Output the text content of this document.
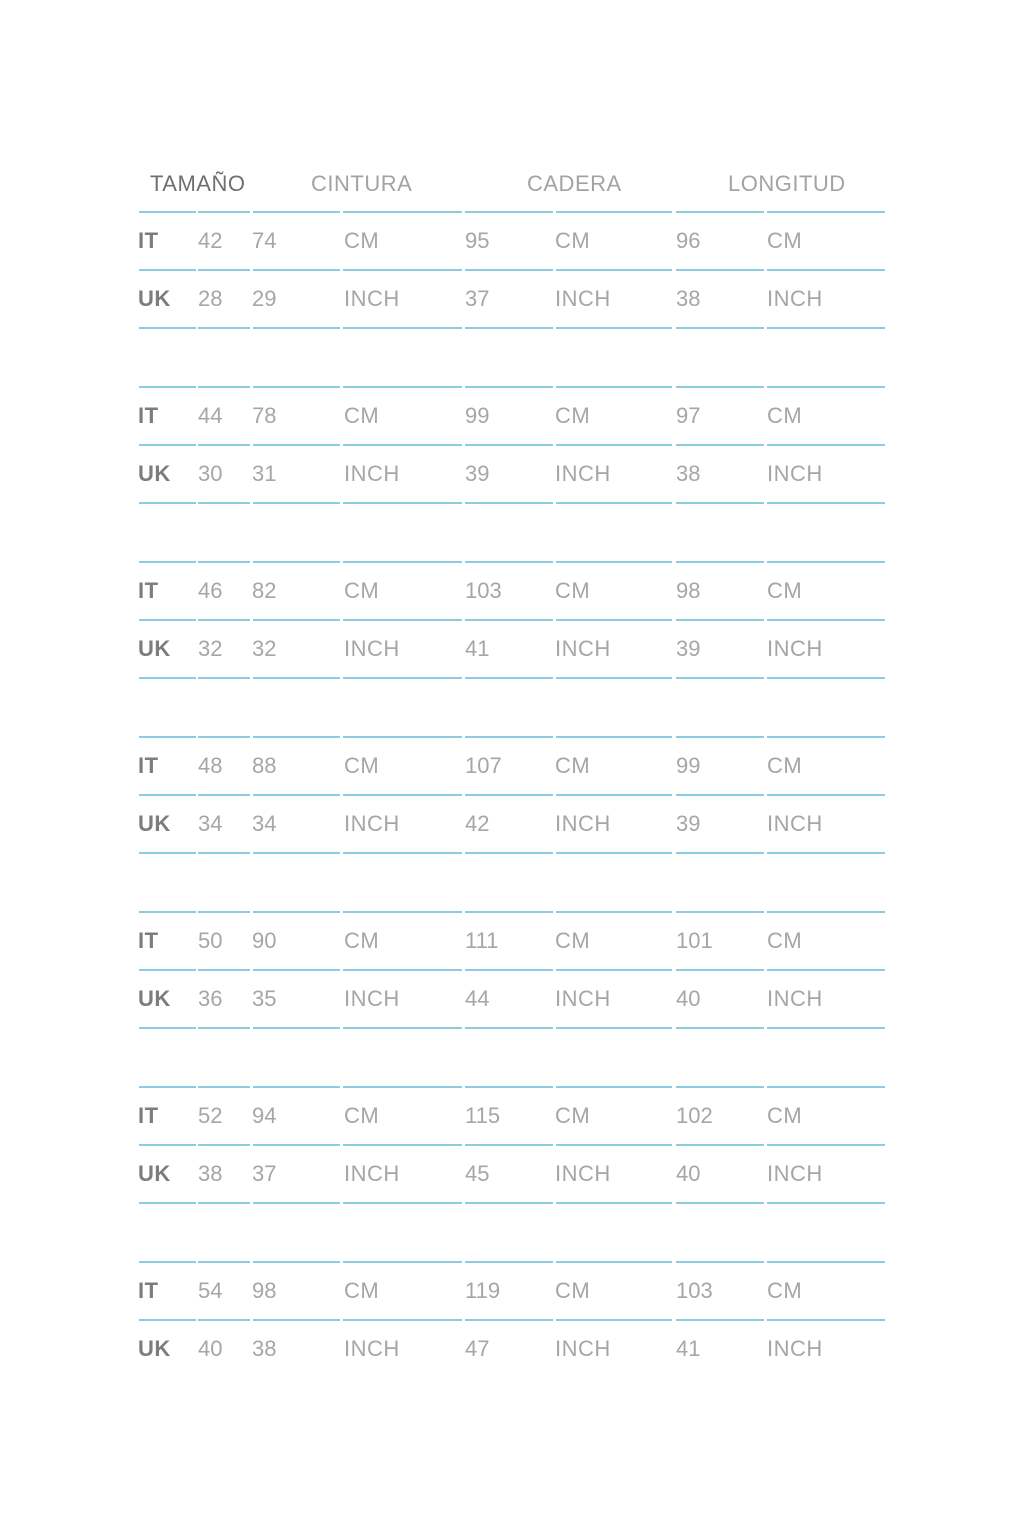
TAMAÑO	CINTURA	CADERA	LONGITUD
IT 42 74	CM	95	CM	96	CM
UK 28 29	INCH	37	INCH	38	INCH
IT 44 78	CM	99	CM	97	CM
UK 30 31	INCH	39	INCH	38	INCH
IT 46 82	CM	103 CM	98	CM
UK 32 32	INCH	41	INCH	39	INCH
IT 48 88	CM	107 CM	99	CM
UK 34 34	INCH	42	INCH	39	INCH
IT 50 90	CM	111	CM	101 CM
UK 36 35	INCH	44	INCH	40	INCH
IT 52 94	CM	115 CM	102 CM
UK 38 37	INCH	45	INCH	40	INCH
IT 54 98	CM	119 CM	103 CM
UK 40 38	INCH	47	INCH	41	INCH
